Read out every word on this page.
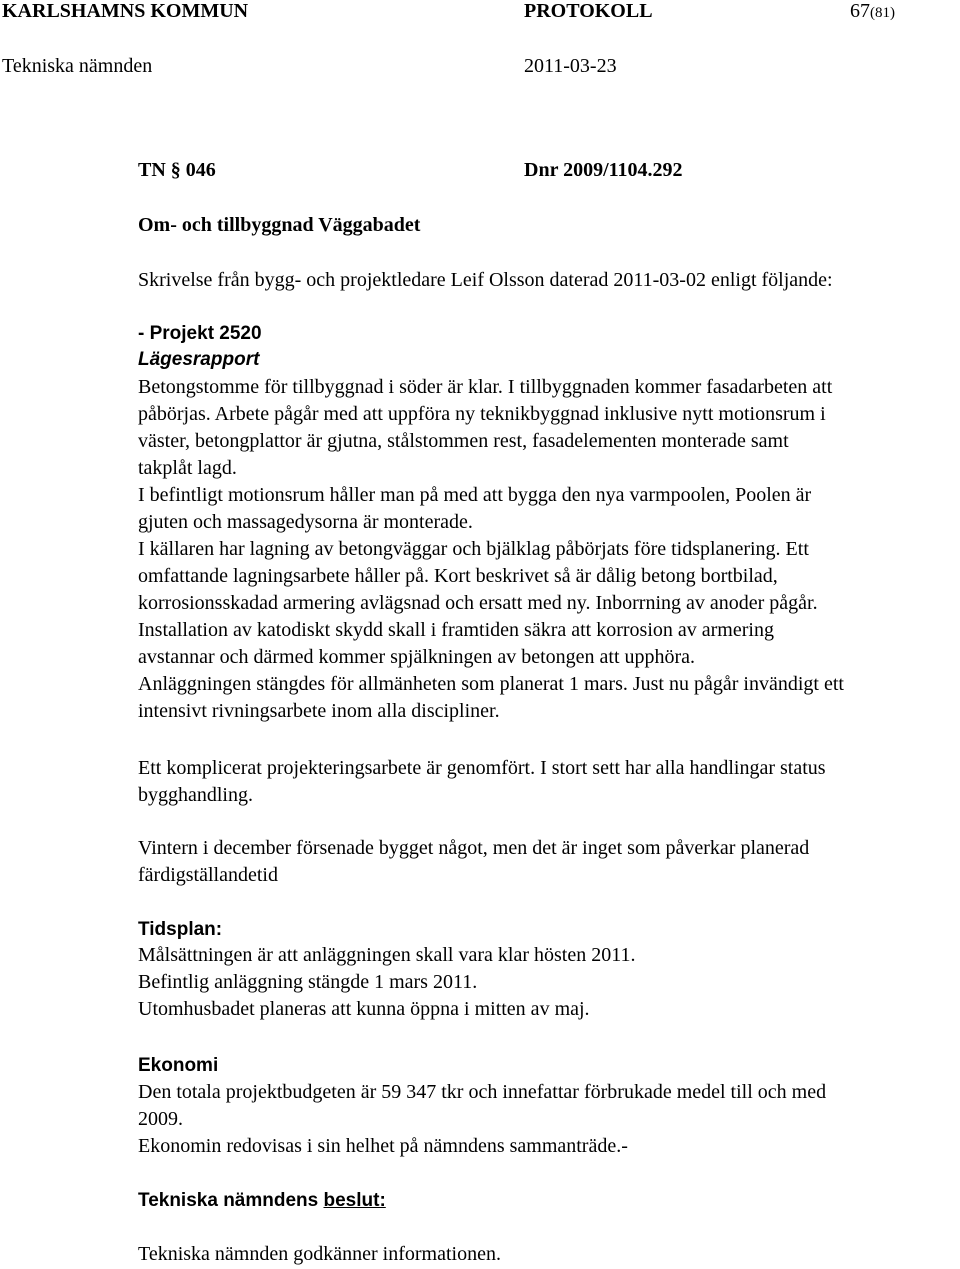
KARLSHAMNS KOMMUN	PROTOKOLL	67(81)
Tekniska nämnden	2011-03-23
TN § 046	Dnr 2009/1104.292
Om- och tillbyggnad Väggabadet
Skrivelse från bygg- och projektledare Leif Olsson daterad 2011-03-02 enligt följande:
- Projekt 2520
Lägesrapport
Betongstomme för tillbyggnad i söder är klar. I tillbyggnaden kommer fasadarbeten att
påbörjas. Arbete pågår med att uppföra ny teknikbyggnad inklusive nytt motionsrum i
väster, betongplattor är gjutna, stålstommen rest, fasadelementen monterade samt
takplåt lagd.
I befintligt motionsrum håller man på med att bygga den nya varmpoolen, Poolen är
gjuten och massagedysorna är monterade.
I källaren har lagning av betongväggar och bjälklag påbörjats före tidsplanering. Ett
omfattande lagningsarbete håller på. Kort beskrivet så är dålig betong bortbilad,
korrosionsskadad armering avlägsnad och ersatt med ny. Inborrning av anoder pågår.
Installation av katodiskt skydd skall i framtiden säkra att korrosion av armering
avstannar och därmed kommer spjälkningen av betongen att upphöra.
Anläggningen stängdes för allmänheten som planerat 1 mars. Just nu pågår invändigt ett
intensivt rivningsarbete inom alla discipliner.
Ett komplicerat projekteringsarbete är genomfört. I stort sett har alla handlingar status
bygghandling.
Vintern i december försenade bygget något, men det är inget som påverkar planerad
färdigställandetid
Tidsplan:
Målsättningen är att anläggningen skall vara klar hösten 2011.
Befintlig anläggning stängde 1 mars 2011.
Utomhusbadet planeras att kunna öppna i mitten av maj.
Ekonomi
Den totala projektbudgeten är 59 347 tkr och innefattar förbrukade medel till och med
2009.
Ekonomin redovisas i sin helhet på nämndens sammanträde.-
Tekniska nämndens beslut:
Tekniska nämnden godkänner informationen.
